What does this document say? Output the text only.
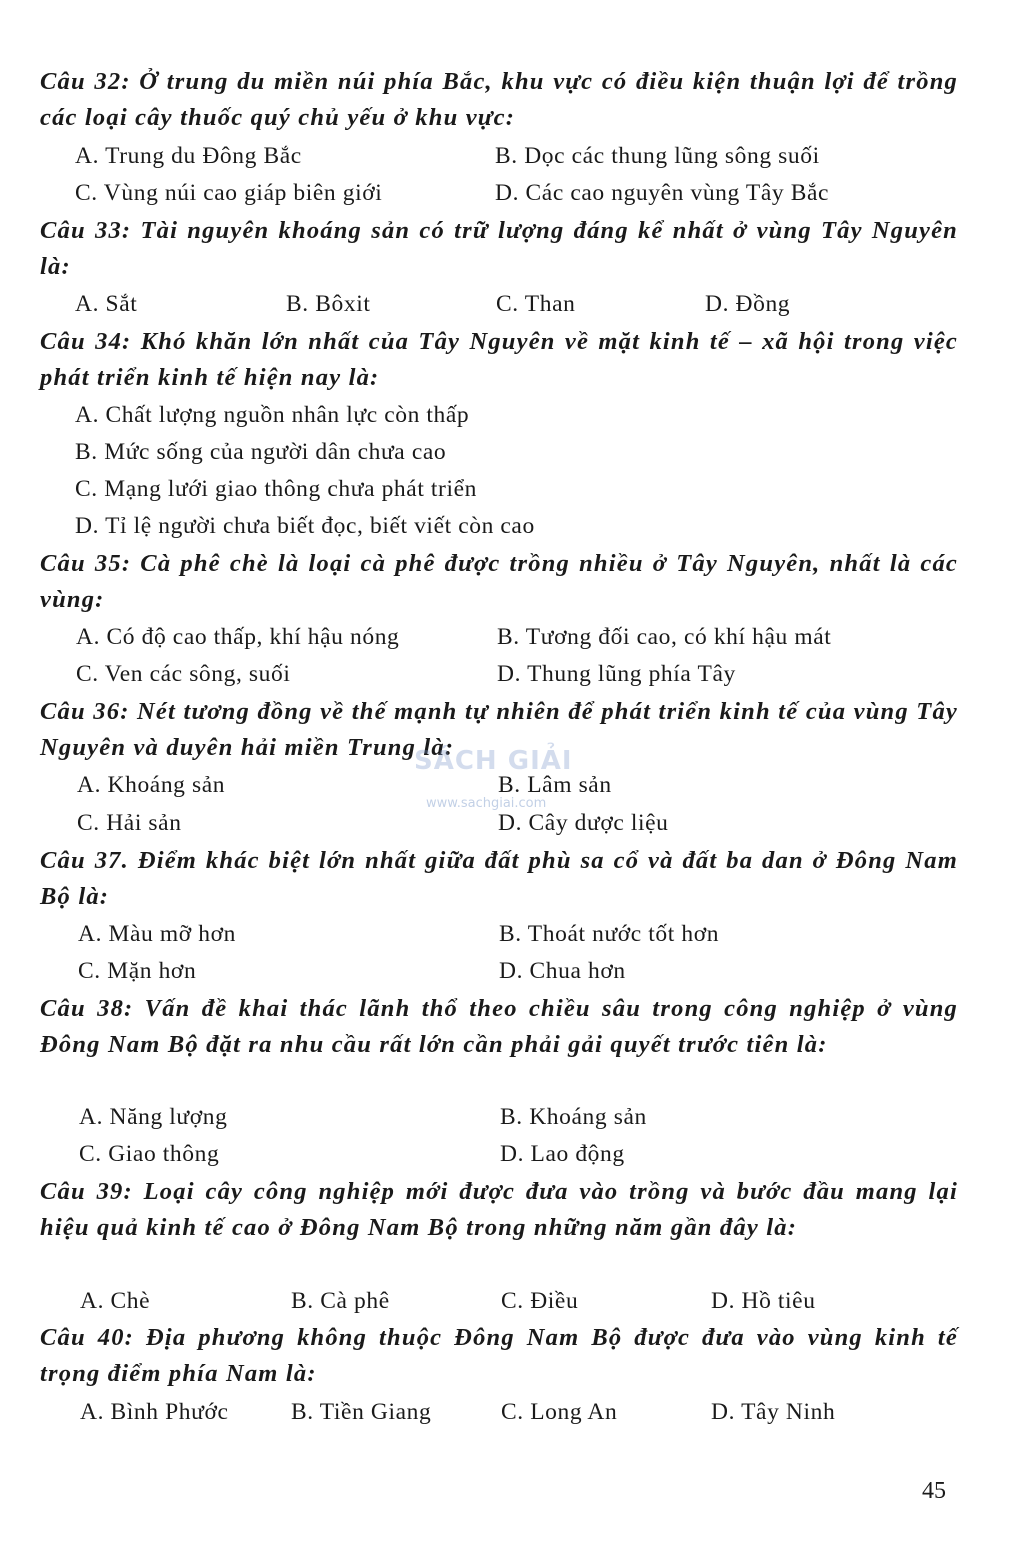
Câu 32: Ở trung du miền núi phía Bắc, khu vực có điều kiện thuận lợi để trồng các loại cây thuốc quý chủ yếu ở khu vực:

A. Trung du Đông Bắc	B. Dọc các thung lũng sông suối
C. Vùng núi cao giáp biên giới	D. Các cao nguyên vùng Tây Bắc

Câu 33: Tài nguyên khoáng sản có trữ lượng đáng kể nhất ở vùng Tây Nguyên là:

A. Sắt	B. Bôxit	C. Than	D. Đồng

Câu 34: Khó khăn lớn nhất của Tây Nguyên về mặt kinh tế – xã hội trong việc phát triển kinh tế hiện nay là:

A. Chất lượng nguồn nhân lực còn thấp
B. Mức sống của người dân chưa cao
C. Mạng lưới giao thông chưa phát triển
D. Tỉ lệ người chưa biết đọc, biết viết còn cao

Câu 35: Cà phê chè là loại cà phê được trồng nhiều ở Tây Nguyên, nhất là các vùng:

A. Có độ cao thấp, khí hậu nóng	B. Tương đối cao, có khí hậu mát
C. Ven các sông, suối	D. Thung lũng phía Tây

Câu 36: Nét tương đồng về thế mạnh tự nhiên để phát triển kinh tế của vùng Tây Nguyên và duyên hải miền Trung là:

A. Khoáng sản	B. Lâm sản
C. Hải sản	D. Cây dược liệu
SÁCH GIẢI
www.sachgiai.com

Câu 37. Điểm khác biệt lớn nhất giữa đất phù sa cổ và đất ba dan ở Đông Nam Bộ là:

A. Màu mỡ hơn	B. Thoát nước tốt hơn
C. Mặn hơn	D. Chua hơn

Câu 38: Vấn đề khai thác lãnh thổ theo chiều sâu trong công nghiệp ở vùng Đông Nam Bộ đặt ra nhu cầu rất lớn cần phải gải quyết trước tiên là:

A. Năng lượng	B. Khoáng sản
C. Giao thông	D. Lao động

Câu 39: Loại cây công nghiệp mới được đưa vào trồng và bước đầu mang lại hiệu quả kinh tế cao ở Đông Nam Bộ trong những năm gần đây là:

A. Chè	B. Cà phê	C. Điều	D. Hồ tiêu

Câu 40: Địa phương không thuộc Đông Nam Bộ được đưa vào vùng kinh tế trọng điểm phía Nam là:

A. Bình Phước	B. Tiền Giang	C. Long An	D. Tây Ninh
45
